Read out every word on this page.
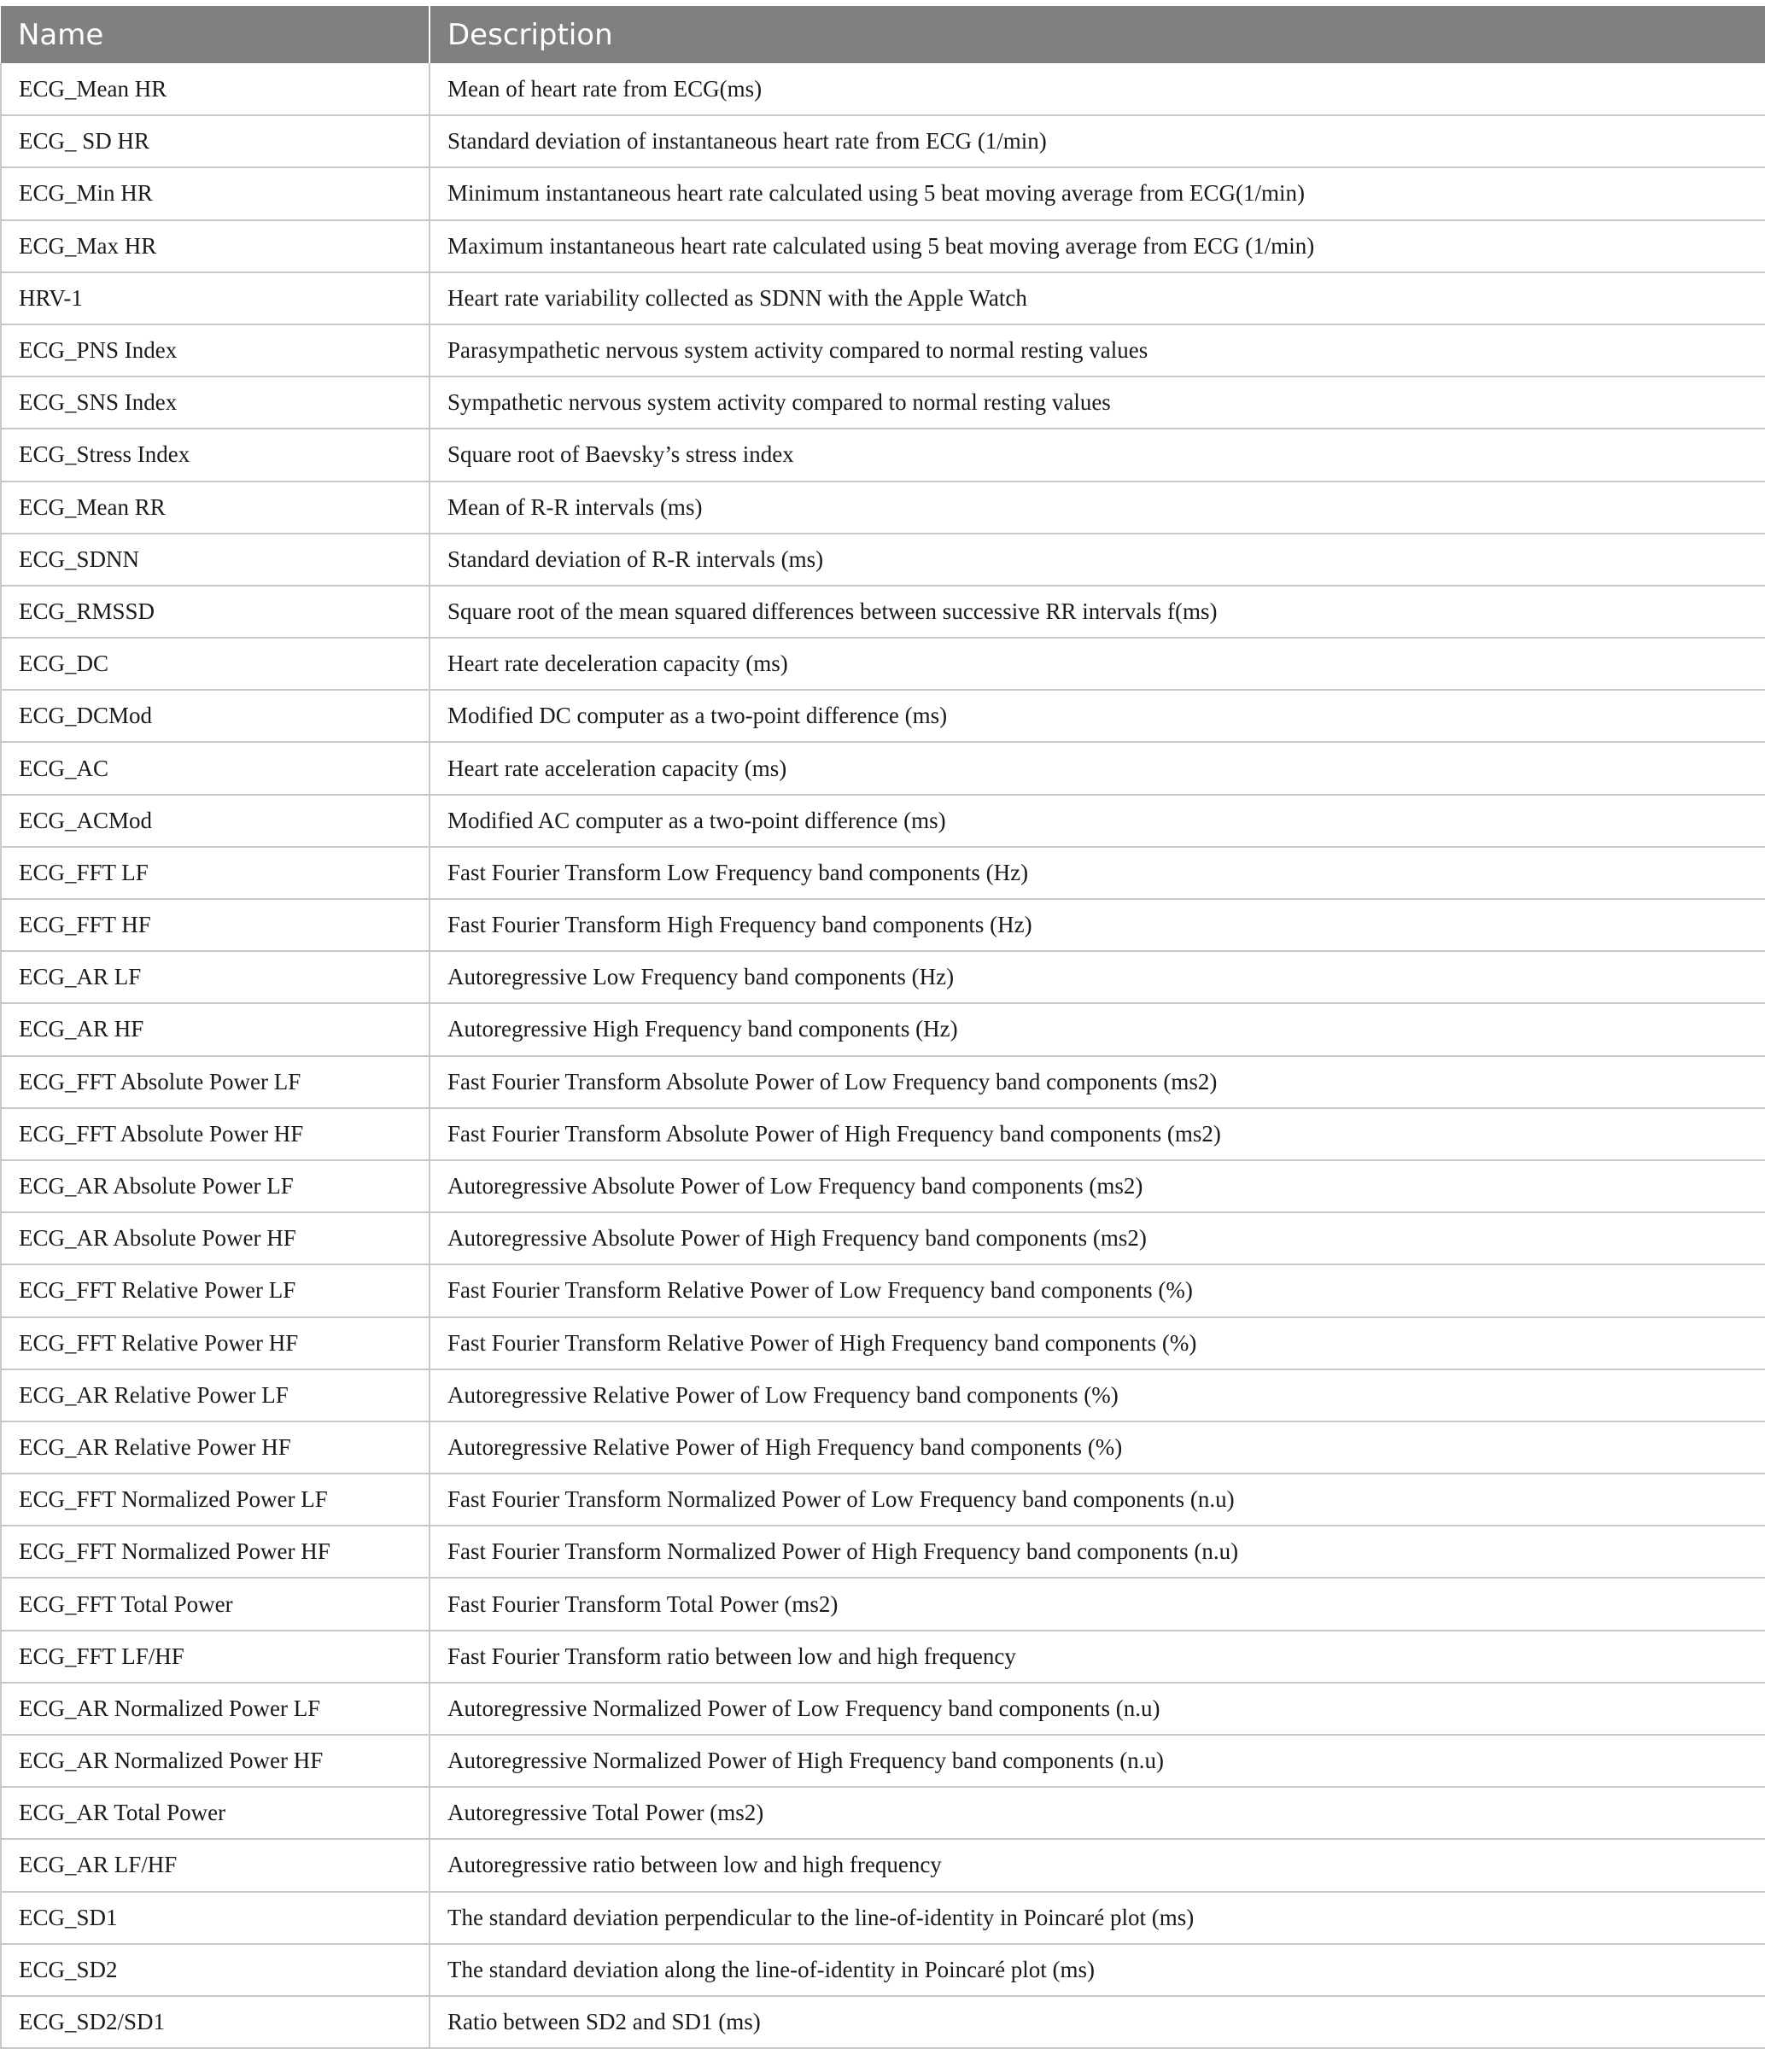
Name	Description
ECG_Mean HR	Mean of heart rate from ECG(ms)
ECG_ SD HR	Standard deviation of instantaneous heart rate from ECG (1/min)
ECG_Min HR	Minimum instantaneous heart rate calculated using 5 beat moving average from ECG(1/min)
ECG_Max HR	Maximum instantaneous heart rate calculated using 5 beat moving average from ECG (1/min)
HRV-1	Heart rate variability collected as SDNN with the Apple Watch
ECG_PNS Index	Parasympathetic nervous system activity compared to normal resting values
ECG_SNS Index	Sympathetic nervous system activity compared to normal resting values
ECG_Stress Index	Square root of Baevsky’s stress index
ECG_Mean RR	Mean of R-R intervals (ms)
ECG_SDNN	Standard deviation of R-R intervals (ms)
ECG_RMSSD	Square root of the mean squared differences between successive RR intervals f(ms)
ECG_DC	Heart rate deceleration capacity (ms)
ECG_DCMod	Modified DC computer as a two-point difference (ms)
ECG_AC	Heart rate acceleration capacity (ms)
ECG_ACMod	Modified AC computer as a two-point difference (ms)
ECG_FFT LF	Fast Fourier Transform Low Frequency band components (Hz)
ECG_FFT HF	Fast Fourier Transform High Frequency band components (Hz)
ECG_AR LF	Autoregressive Low Frequency band components (Hz)
ECG_AR HF	Autoregressive High Frequency band components (Hz)
ECG_FFT Absolute Power LF	Fast Fourier Transform Absolute Power of Low Frequency band components (ms2)
ECG_FFT Absolute Power HF	Fast Fourier Transform Absolute Power of High Frequency band components (ms2)
ECG_AR Absolute Power LF	Autoregressive Absolute Power of Low Frequency band components (ms2)
ECG_AR Absolute Power HF	Autoregressive Absolute Power of High Frequency band components (ms2)
ECG_FFT Relative Power LF	Fast Fourier Transform Relative Power of Low Frequency band components (%)
ECG_FFT Relative Power HF	Fast Fourier Transform Relative Power of High Frequency band components (%)
ECG_AR Relative Power LF	Autoregressive Relative Power of Low Frequency band components (%)
ECG_AR Relative Power HF	Autoregressive Relative Power of High Frequency band components (%)
ECG_FFT Normalized Power LF	Fast Fourier Transform Normalized Power of Low Frequency band components (n.u)
ECG_FFT Normalized Power HF	Fast Fourier Transform Normalized Power of High Frequency band components (n.u)
ECG_FFT Total Power	Fast Fourier Transform Total Power (ms2)
ECG_FFT LF/HF	Fast Fourier Transform ratio between low and high frequency
ECG_AR Normalized Power LF	Autoregressive Normalized Power of Low Frequency band components (n.u)
ECG_AR Normalized Power HF	Autoregressive Normalized Power of High Frequency band components (n.u)
ECG_AR Total Power	Autoregressive Total Power (ms2)
ECG_AR LF/HF	Autoregressive ratio between low and high frequency
ECG_SD1	The standard deviation perpendicular to the line-of-identity in Poincaré plot (ms)
ECG_SD2	The standard deviation along the line-of-identity in Poincaré plot (ms)
ECG_SD2/SD1	Ratio between SD2 and SD1 (ms)
